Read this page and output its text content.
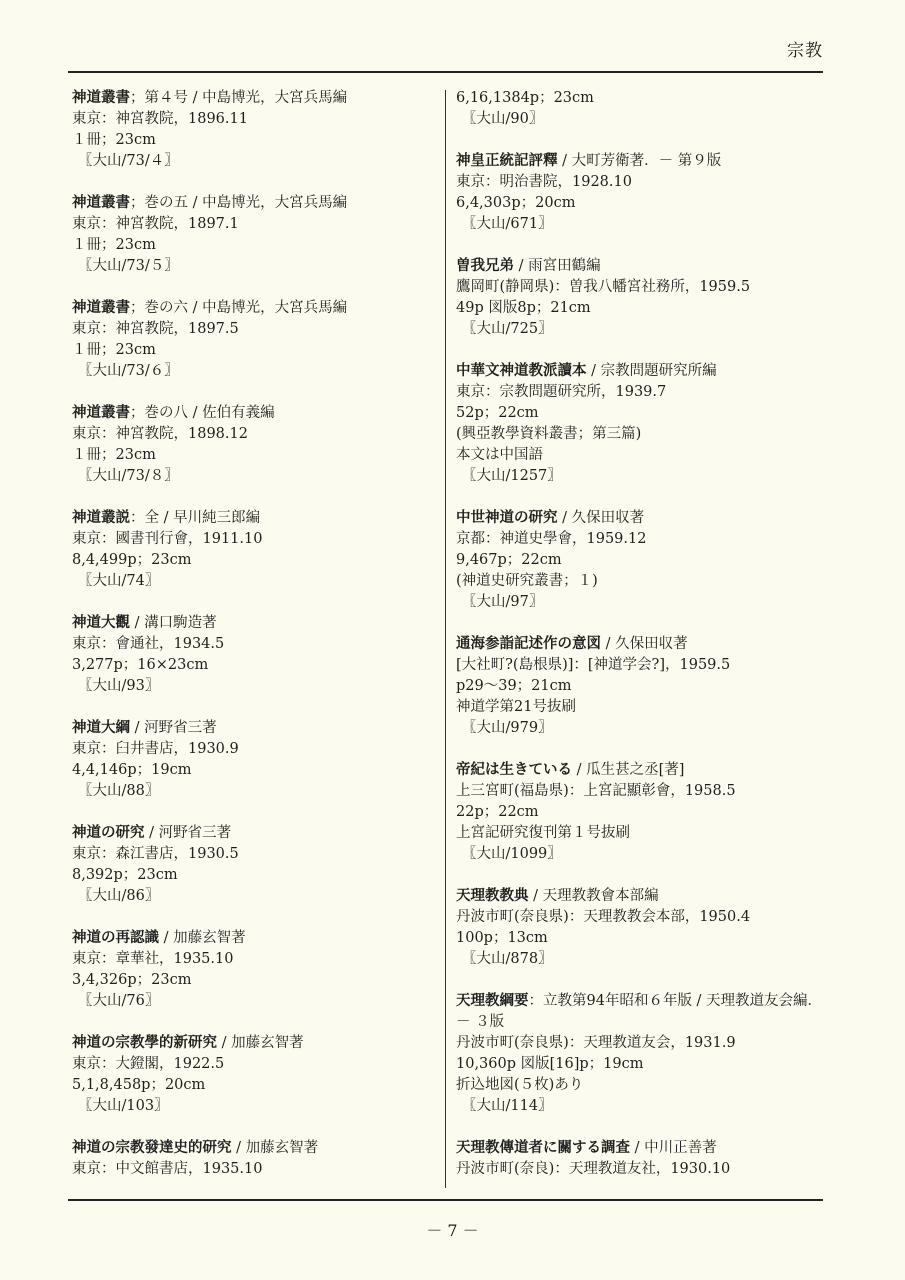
宗教
神道叢書；第４号 / 中島博光，大宮兵馬編
東京：神宮教院，1896.11
１冊；23cm
〖大山/73/４〗
神道叢書；巻の五 / 中島博光，大宮兵馬編
東京：神宮教院，1897.1
１冊；23cm
〖大山/73/５〗
神道叢書；巻の六 / 中島博光，大宮兵馬編
東京：神宮教院，1897.5
１冊；23cm
〖大山/73/６〗
神道叢書；巻の八 / 佐伯有義編
東京：神宮教院，1898.12
１冊；23cm
〖大山/73/８〗
神道叢説：全 / 早川純三郎編
東京：國書刊行會，1911.10
8,4,499p；23cm
〖大山/74〗
神道大觀 / 溝口駒造著
東京：會通社，1934.5
3,277p；16×23cm
〖大山/93〗
神道大綱 / 河野省三著
東京：臼井書店，1930.9
4,4,146p；19cm
〖大山/88〗
神道の研究 / 河野省三著
東京：森江書店，1930.5
8,392p；23cm
〖大山/86〗
神道の再認識 / 加藤玄智著
東京：章華社，1935.10
3,4,326p；23cm
〖大山/76〗
神道の宗教學的新研究 / 加藤玄智著
東京：大鐙閣，1922.5
5,1,8,458p；20cm
〖大山/103〗
神道の宗教發達史的研究 / 加藤玄智著
東京：中文館書店，1935.10
6,16,1384p；23cm
〖大山/90〗
神皇正統記評釋 / 大町芳衛著．－ 第９版
東京：明治書院，1928.10
6,4,303p；20cm
〖大山/671〗
曽我兄弟 / 雨宮田鶴編
鷹岡町(静岡県)：曽我八幡宮社務所，1959.5
49p 図版8p；21cm
〖大山/725〗
中華文神道教派讀本 / 宗教問題研究所編
東京：宗教問題研究所，1939.7
52p；22cm
(興亞教學資料叢書；第三篇)
本文は中国語
〖大山/1257〗
中世神道の研究 / 久保田収著
京都：神道史學會，1959.12
9,467p；22cm
(神道史研究叢書；１)
〖大山/97〗
通海参詣記述作の意図 / 久保田収著
[大社町?(島根県)]：[神道学会?]，1959.5
p29～39；21cm
神道学第21号抜刷
〖大山/979〗
帝紀は生きている / 瓜生甚之丞[著]
上三宮町(福島県)：上宮記顯彰會，1958.5
22p；22cm
上宮記研究復刊第１号抜刷
〖大山/1099〗
天理教教典 / 天理教教會本部編
丹波市町(奈良県)：天理教教会本部，1950.4
100p；13cm
〖大山/878〗
天理教綱要：立教第94年昭和６年版 / 天理教道友会編．－ ３版
丹波市町(奈良県)：天理教道友会，1931.9
10,360p 図版[16]p；19cm
折込地図(５枚)あり
〖大山/114〗
天理教傳道者に關する調査 / 中川正善著
丹波市町(奈良)：天理教道友社，1930.10
－ 7 －
